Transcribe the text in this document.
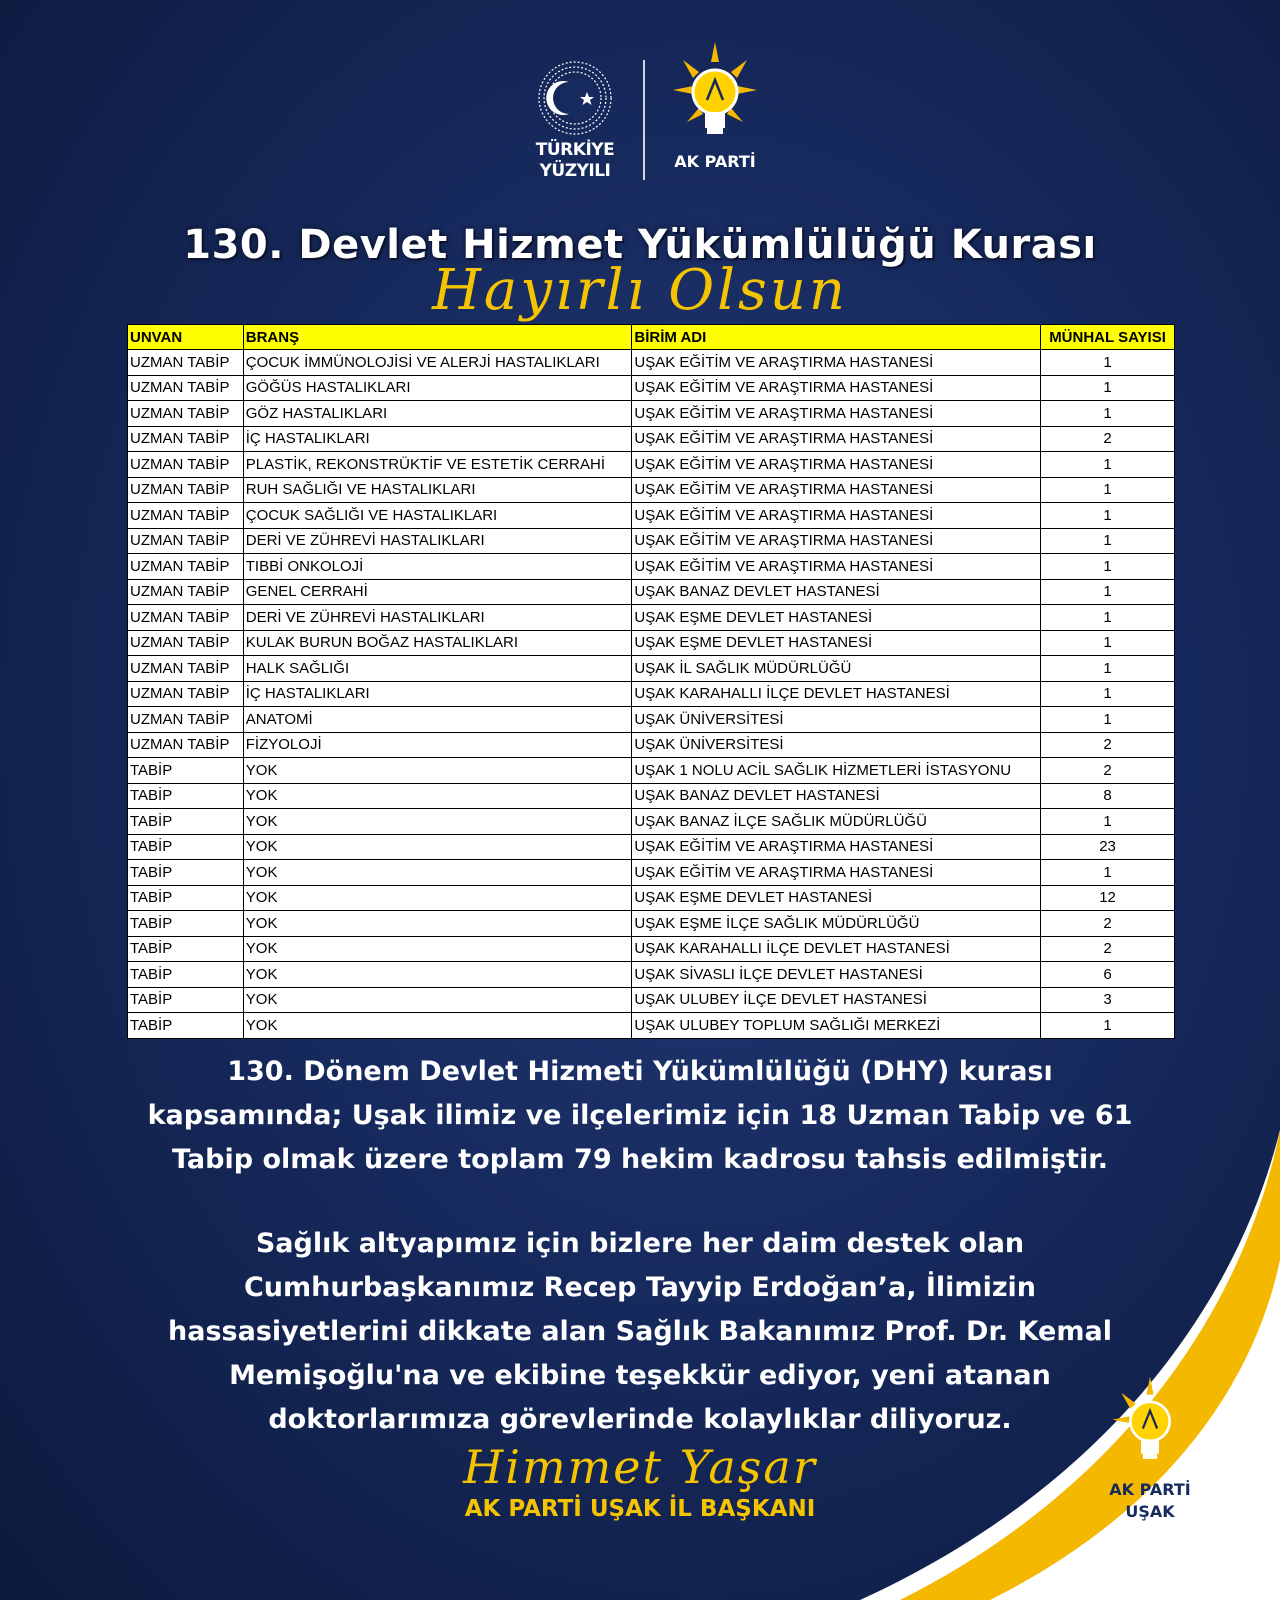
TÜRKİYE
YÜZYILI	AK PARTİ
130. Devlet Hizmet Yükümlülüğü Kurası
Hayırlı Olsun
UNVAN	BRANŞ	BİRİM ADI	MÜNHAL SAYISI
UZMAN TABİP	ÇOCUK İMMÜNOLOJİSİ VE ALERJİ HASTALIKLARI	UŞAK EĞİTİM VE ARAŞTIRMA HASTANESİ	1
UZMAN TABİP	GÖĞÜS HASTALIKLARI	UŞAK EĞİTİM VE ARAŞTIRMA HASTANESİ	1
UZMAN TABİP	GÖZ HASTALIKLARI	UŞAK EĞİTİM VE ARAŞTIRMA HASTANESİ	1
UZMAN TABİP	İÇ HASTALIKLARI	UŞAK EĞİTİM VE ARAŞTIRMA HASTANESİ	2
UZMAN TABİP	PLASTİK, REKONSTRÜKTİF VE ESTETİK CERRAHİ	UŞAK EĞİTİM VE ARAŞTIRMA HASTANESİ	1
UZMAN TABİP	RUH SAĞLIĞI VE HASTALIKLARI	UŞAK EĞİTİM VE ARAŞTIRMA HASTANESİ	1
UZMAN TABİP	ÇOCUK SAĞLIĞI VE HASTALIKLARI	UŞAK EĞİTİM VE ARAŞTIRMA HASTANESİ	1
UZMAN TABİP	DERİ VE ZÜHREVİ HASTALIKLARI	UŞAK EĞİTİM VE ARAŞTIRMA HASTANESİ	1
UZMAN TABİP	TIBBİ ONKOLOJİ	UŞAK EĞİTİM VE ARAŞTIRMA HASTANESİ	1
UZMAN TABİP	GENEL CERRAHİ	UŞAK BANAZ DEVLET HASTANESİ	1
UZMAN TABİP	DERİ VE ZÜHREVİ HASTALIKLARI	UŞAK EŞME DEVLET HASTANESİ	1
UZMAN TABİP	KULAK BURUN BOĞAZ HASTALIKLARI	UŞAK EŞME DEVLET HASTANESİ	1
UZMAN TABİP	HALK SAĞLIĞI	UŞAK İL SAĞLIK MÜDÜRLÜĞÜ	1
UZMAN TABİP	İÇ HASTALIKLARI	UŞAK KARAHALLI İLÇE DEVLET HASTANESİ	1
UZMAN TABİP	ANATOMİ	UŞAK ÜNİVERSİTESİ	1
UZMAN TABİP	FİZYOLOJİ	UŞAK ÜNİVERSİTESİ	2
TABİP	YOK	UŞAK 1 NOLU ACİL SAĞLIK HİZMETLERİ İSTASYONU	2
TABİP	YOK	UŞAK BANAZ DEVLET HASTANESİ	8
TABİP	YOK	UŞAK BANAZ İLÇE SAĞLIK MÜDÜRLÜĞÜ	1
TABİP	YOK	UŞAK EĞİTİM VE ARAŞTIRMA HASTANESİ	23
TABİP	YOK	UŞAK EĞİTİM VE ARAŞTIRMA HASTANESİ	1
TABİP	YOK	UŞAK EŞME DEVLET HASTANESİ	12
TABİP	YOK	UŞAK EŞME İLÇE SAĞLIK MÜDÜRLÜĞÜ	2
TABİP	YOK	UŞAK KARAHALLI İLÇE DEVLET HASTANESİ	2
TABİP	YOK	UŞAK SİVASLI İLÇE DEVLET HASTANESİ	6
TABİP	YOK	UŞAK ULUBEY İLÇE DEVLET HASTANESİ	3
TABİP	YOK	UŞAK ULUBEY TOPLUM SAĞLIĞI MERKEZİ	1
130. Dönem Devlet Hizmeti Yükümlülüğü (DHY) kurası
kapsamında; Uşak ilimiz ve ilçelerimiz için 18 Uzman Tabip ve 61
Tabip olmak üzere toplam 79 hekim kadrosu tahsis edilmiştir.
Sağlık altyapımız için bizlere her daim destek olan
Cumhurbaşkanımız Recep Tayyip Erdoğan’a, İlimizin
hassasiyetlerini dikkate alan Sağlık Bakanımız Prof. Dr. Kemal
Memişoğlu'na ve ekibine teşekkür ediyor, yeni atanan
doktorlarımıza görevlerinde kolaylıklar diliyoruz.
Himmet Yaşar
AK PARTİ UŞAK İL BAŞKANI
AK PARTİ
UŞAK
